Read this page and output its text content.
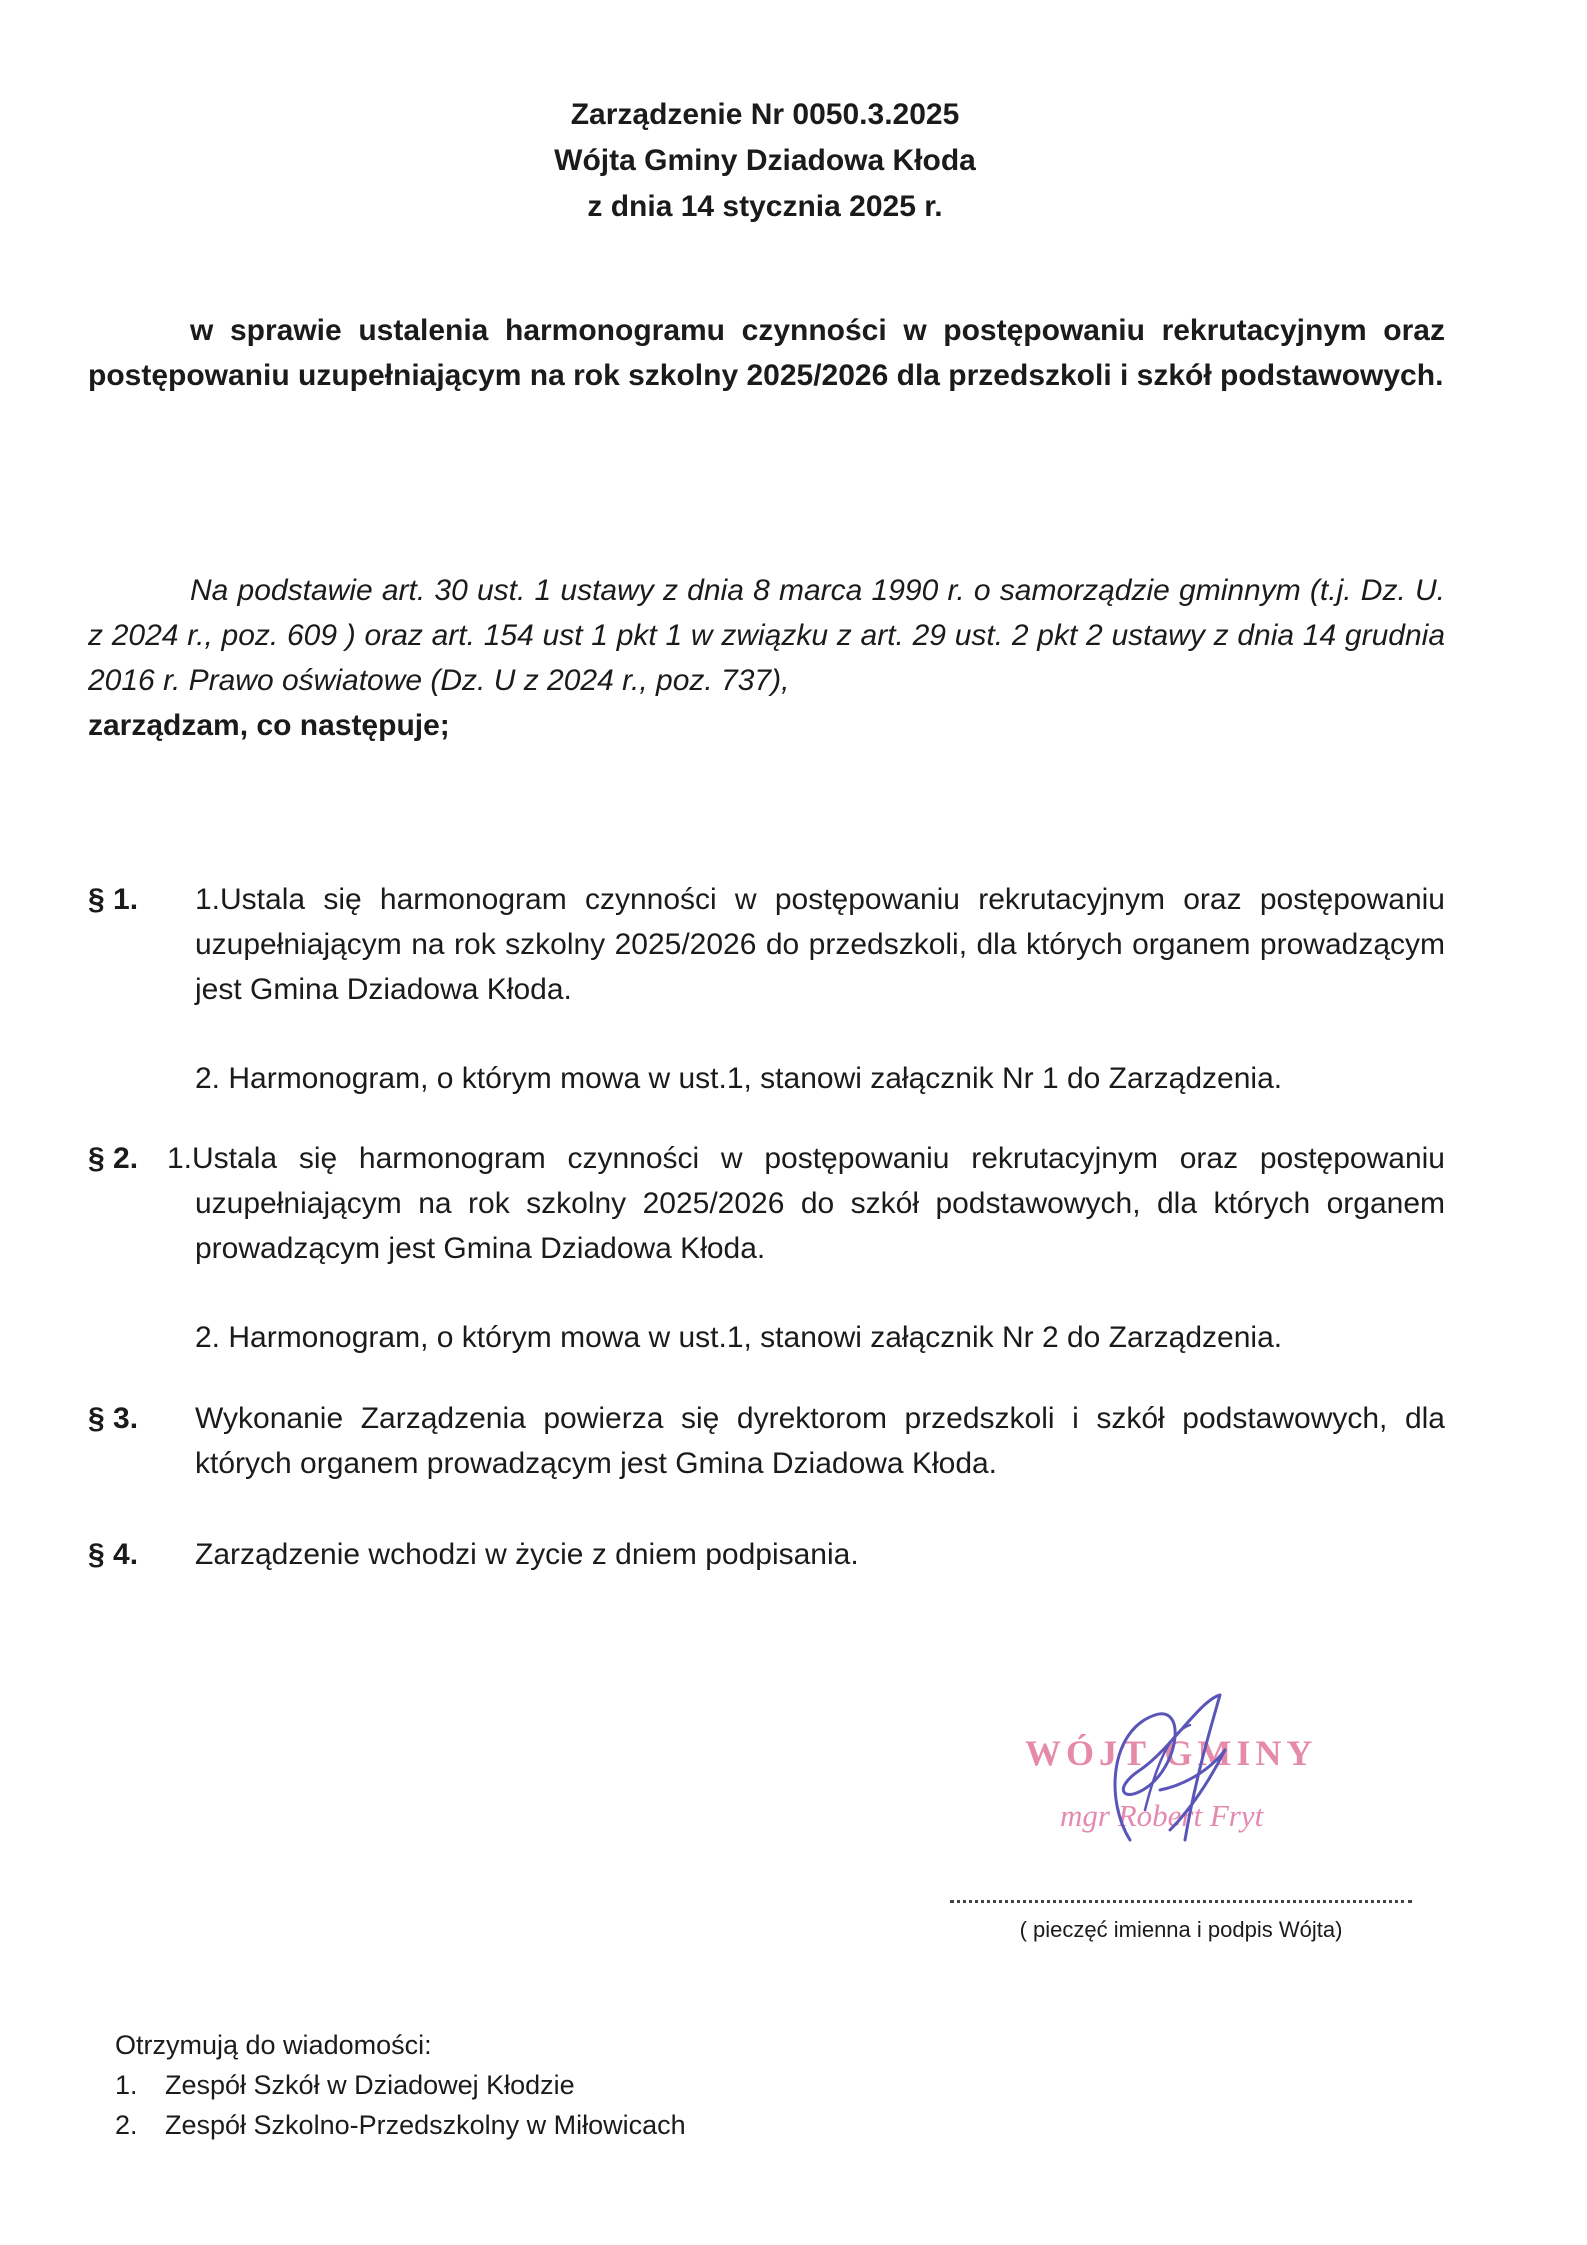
Zarządzenie Nr 0050.3.2025
Wójta Gminy Dziadowa Kłoda
z dnia 14 stycznia 2025 r.
w sprawie ustalenia harmonogramu czynności w postępowaniu rekrutacyjnym oraz postępowaniu uzupełniającym na rok szkolny 2025/2026 dla przedszkoli i szkół podstawowych.
Na podstawie art. 30 ust. 1 ustawy z dnia 8 marca 1990 r. o samorządzie gminnym (t.j. Dz. U. z 2024 r., poz. 609 ) oraz art. 154 ust 1 pkt 1 w związku z art. 29 ust. 2 pkt 2 ustawy z dnia 14 grudnia 2016 r. Prawo oświatowe (Dz. U z 2024 r., poz. 737),
zarządzam, co następuje;
§ 1. 1.Ustala się harmonogram czynności w postępowaniu rekrutacyjnym oraz postępowaniu uzupełniającym na rok szkolny 2025/2026 do przedszkoli, dla których organem prowadzącym jest Gmina Dziadowa Kłoda.
2. Harmonogram, o którym mowa w ust.1, stanowi załącznik Nr 1 do Zarządzenia.
§ 2. 1.Ustala się harmonogram czynności w postępowaniu rekrutacyjnym oraz postępowaniu uzupełniającym na rok szkolny 2025/2026 do szkół podstawowych, dla których organem prowadzącym jest Gmina Dziadowa Kłoda.
2. Harmonogram, o którym mowa w ust.1, stanowi załącznik Nr 2 do Zarządzenia.
§ 3. Wykonanie Zarządzenia powierza się dyrektorom przedszkoli i szkół podstawowych, dla których organem prowadzącym jest Gmina Dziadowa Kłoda.
§ 4. Zarządzenie wchodzi w życie z dniem podpisania.
WÓJT GMINY
mgr Robert Fryt
( pieczęć imienna i podpis Wójta)
Otrzymują do wiadomości:
1. Zespół Szkół w Dziadowej Kłodzie
2. Zespół Szkolno-Przedszkolny w Miłowicach
